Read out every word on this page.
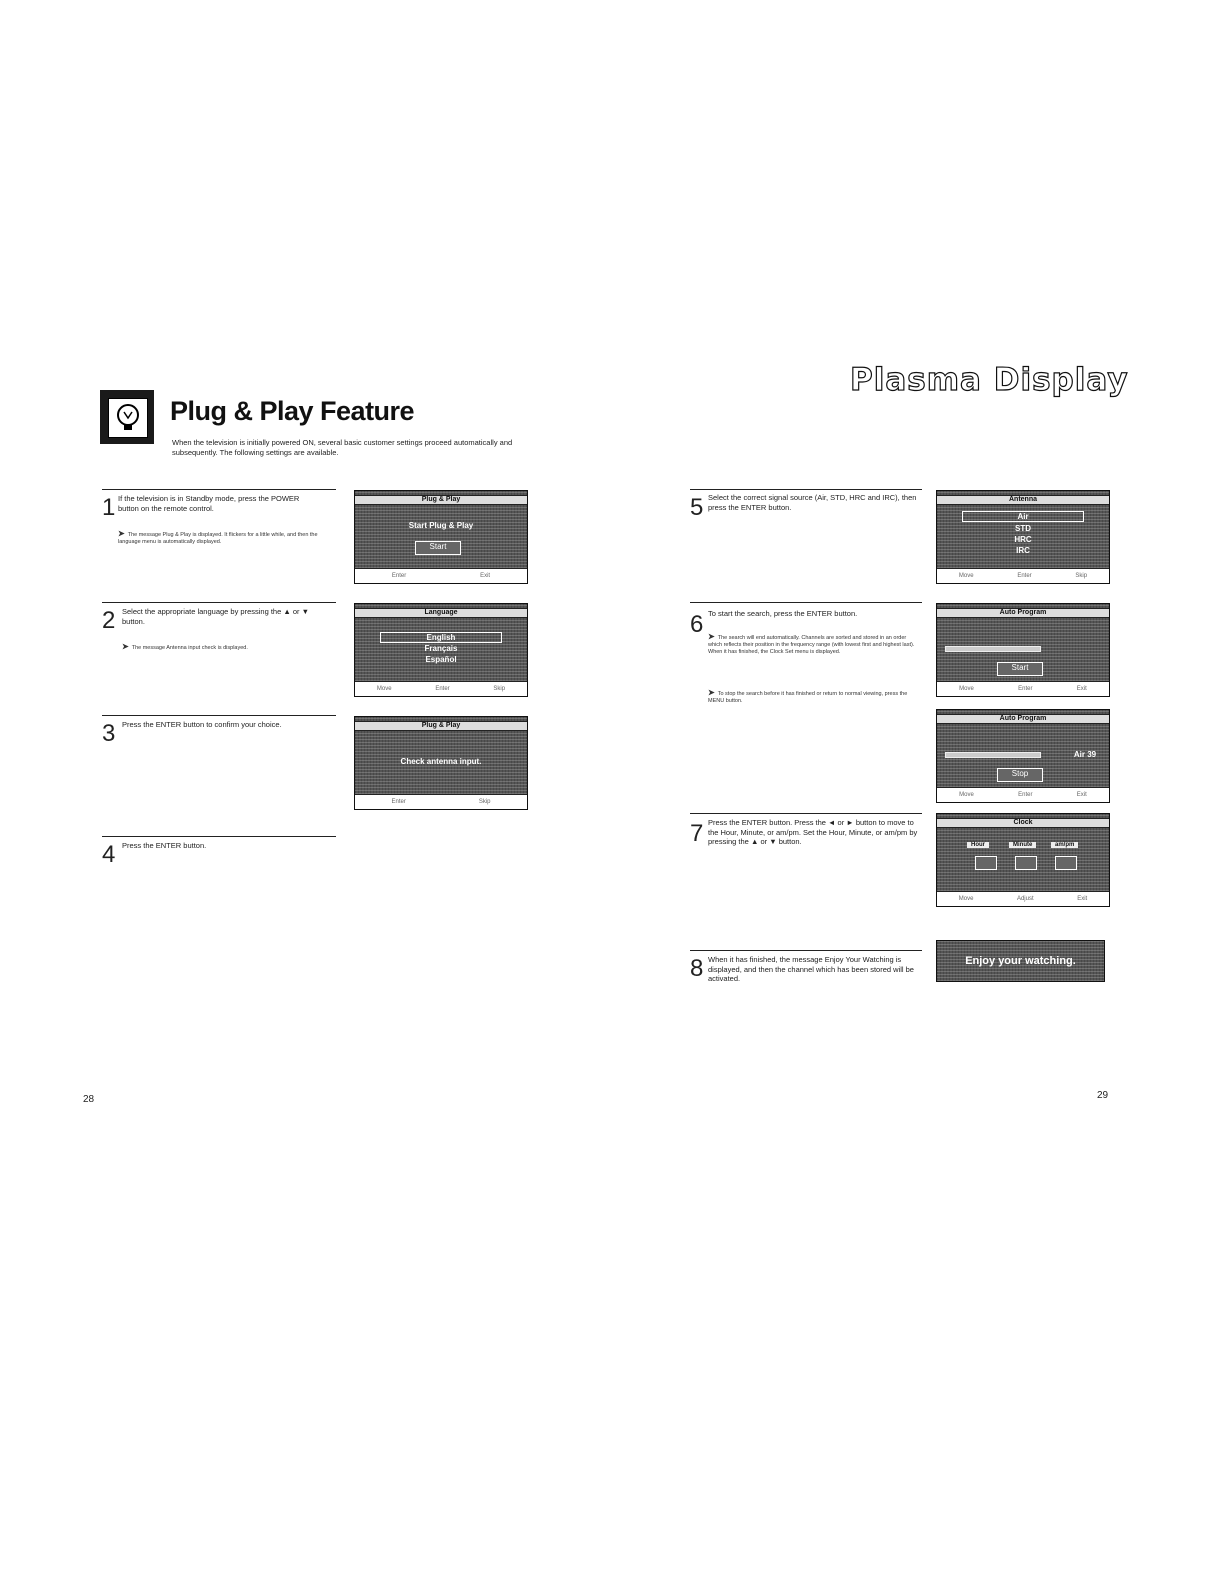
Plasma Display
Plug & Play Feature
When the television is initially powered ON, several basic customer settings proceed automatically and subsequently. The following settings are available.
1 If the television is in Standby mode, press the POWER button on the remote control.
➤ The message Plug & Play is displayed. It flickers for a little while, and then the language menu is automatically displayed.
Plug & Play
Start Plug & Play
Start
Enter	Exit
2 Select the appropriate language by pressing the ▲ or ▼ button.
➤ The message Antenna input check is displayed.
Language
English
Français
Español
Move	Enter	Skip
3 Press the ENTER button to confirm your choice.	Plug & Play
Check antenna input.
Enter	Skip
4 Press the ENTER button.
5 Select the correct signal source (Air, STD, HRC and IRC), then press the ENTER button.
Antenna
Air
STD
HRC
IRC
Move	Enter	Skip
6 To start the search, press the ENTER button.
➤ The search will end automatically. Channels are sorted and stored in an order which reflects their position in the frequency range (with lowest first and highest last). When it has finished, the Clock Set menu is displayed.
➤ To stop the search before it has finished or return to normal viewing, press the MENU button.
Auto Program
Start
Move	Enter	Exit
Auto Program
Air 39
Stop
Move	Enter	Exit
7 Press the ENTER button. Press the ◄ or ► button to move to the Hour, Minute, or am/pm. Set the Hour, Minute, or am/pm by pressing the ▲ or ▼ button.
Clock
Hour	Minute	am/pm
Move	Adjust	Exit
8 When it has finished, the message Enjoy Your Watching is displayed, and then the channel which has been stored will be activated.
Enjoy your watching.
28	29
